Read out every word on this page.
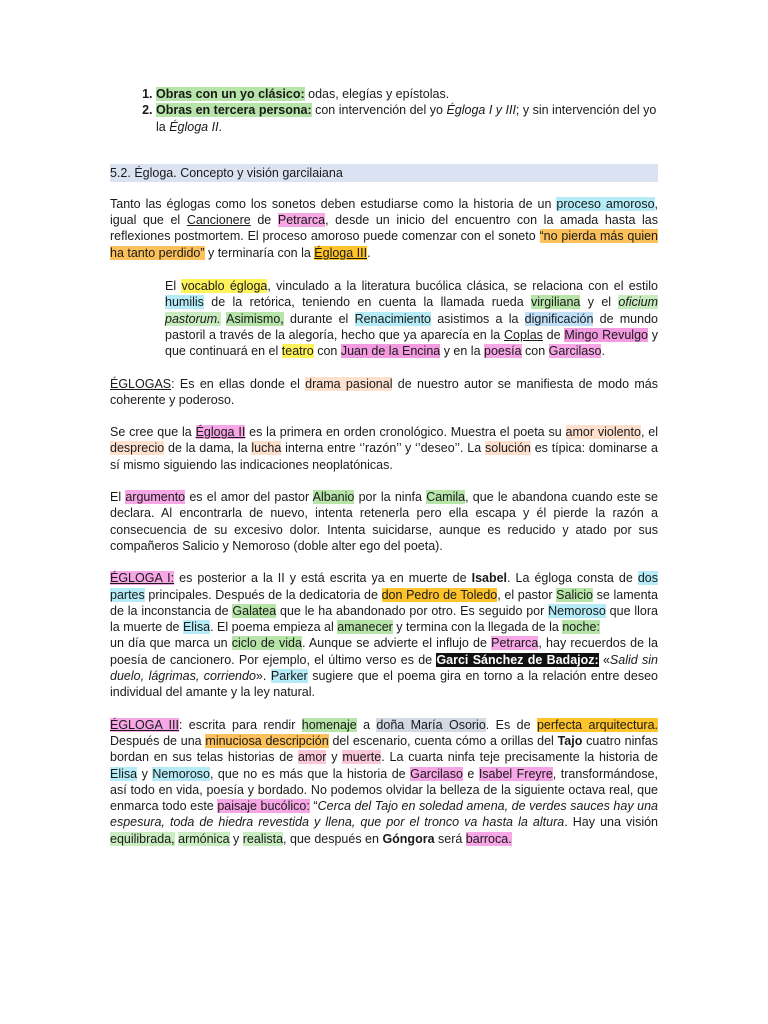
1. Obras con un yo clásico: odas, elegías y epístolas.
2. Obras en tercera persona: con intervención del yo Égloga I y III; y sin intervención del yo la Égloga II.
5.2. Égloga. Concepto y visión garcilaiana

Tanto las églogas como los sonetos deben estudiarse como la historia de un proceso amoroso, igual que el Cancionere de Petrarca, desde un inicio del encuentro con la amada hasta las reflexiones postmortem. El proceso amoroso puede comenzar con el soneto “no pierda más quien ha tanto perdido” y terminaría con la Égloga III.

El vocablo égloga, vinculado a la literatura bucólica clásica, se relaciona con el estilo humilis de la retórica, teniendo en cuenta la llamada rueda virgiliana y el oficium pastorum. Asimismo, durante el Renacimiento asistimos a la dignificación de mundo pastoril a través de la alegoría, hecho que ya aparecía en la Coplas de Mingo Revulgo y que continuará en el teatro con Juan de la Encina y en la poesía con Garcilaso.

ÉGLOGAS: Es en ellas donde el drama pasional de nuestro autor se manifiesta de modo más coherente y poderoso.

Se cree que la Égloga II es la primera en orden cronológico. Muestra el poeta su amor violento, el desprecio de la dama, la lucha interna entre ‘’razón’’ y ‘’deseo’’. La solución es típica: dominarse a sí mismo siguiendo las indicaciones neoplatónicas.

El argumento es el amor del pastor Albanio por la ninfa Camila, que le abandona cuando este se declara. Al encontrarla de nuevo, intenta retenerla pero ella escapa y él pierde la razón a consecuencia de su excesivo dolor. Intenta suicidarse, aunque es reducido y atado por sus compañeros Salicio y Nemoroso (doble alter ego del poeta).

ÉGLOGA I: es posterior a la II y está escrita ya en muerte de Isabel. La égloga consta de dos partes principales. Después de la dedicatoria de don Pedro de Toledo, el pastor Salicio se lamenta de la inconstancia de Galatea que le ha abandonado por otro. Es seguido por Nemoroso que llora la muerte de Elisa. El poema empieza al amanecer y termina con la llegada de la noche:
un día que marca un ciclo de vida. Aunque se advierte el influjo de Petrarca, hay recuerdos de la poesía de cancionero. Por ejemplo, el último verso es de Garci Sánchez de Badajoz: «Salid sin duelo, lágrimas, corriendo». Parker sugiere que el poema gira en torno a la relación entre deseo individual del amante y la ley natural.

ÉGLOGA III: escrita para rendir homenaje a doña María Osorio. Es de perfecta arquitectura. Después de una minuciosa descripción del escenario, cuenta cómo a orillas del Tajo cuatro ninfas bordan en sus telas historias de amor y muerte. La cuarta ninfa teje precisamente la historia de Elisa y Nemoroso, que no es más que la historia de Garcilaso e Isabel Freyre, transformándose, así todo en vida, poesía y bordado. No podemos olvidar la belleza de la siguiente octava real, que enmarca todo este paisaje bucólico: “Cerca del Tajo en soledad amena, de verdes sauces hay una espesura, toda de hiedra revestida y llena, que por el tronco va hasta la altura. Hay una visión equilibrada, armónica y realista, que después en Góngora será barroca.
